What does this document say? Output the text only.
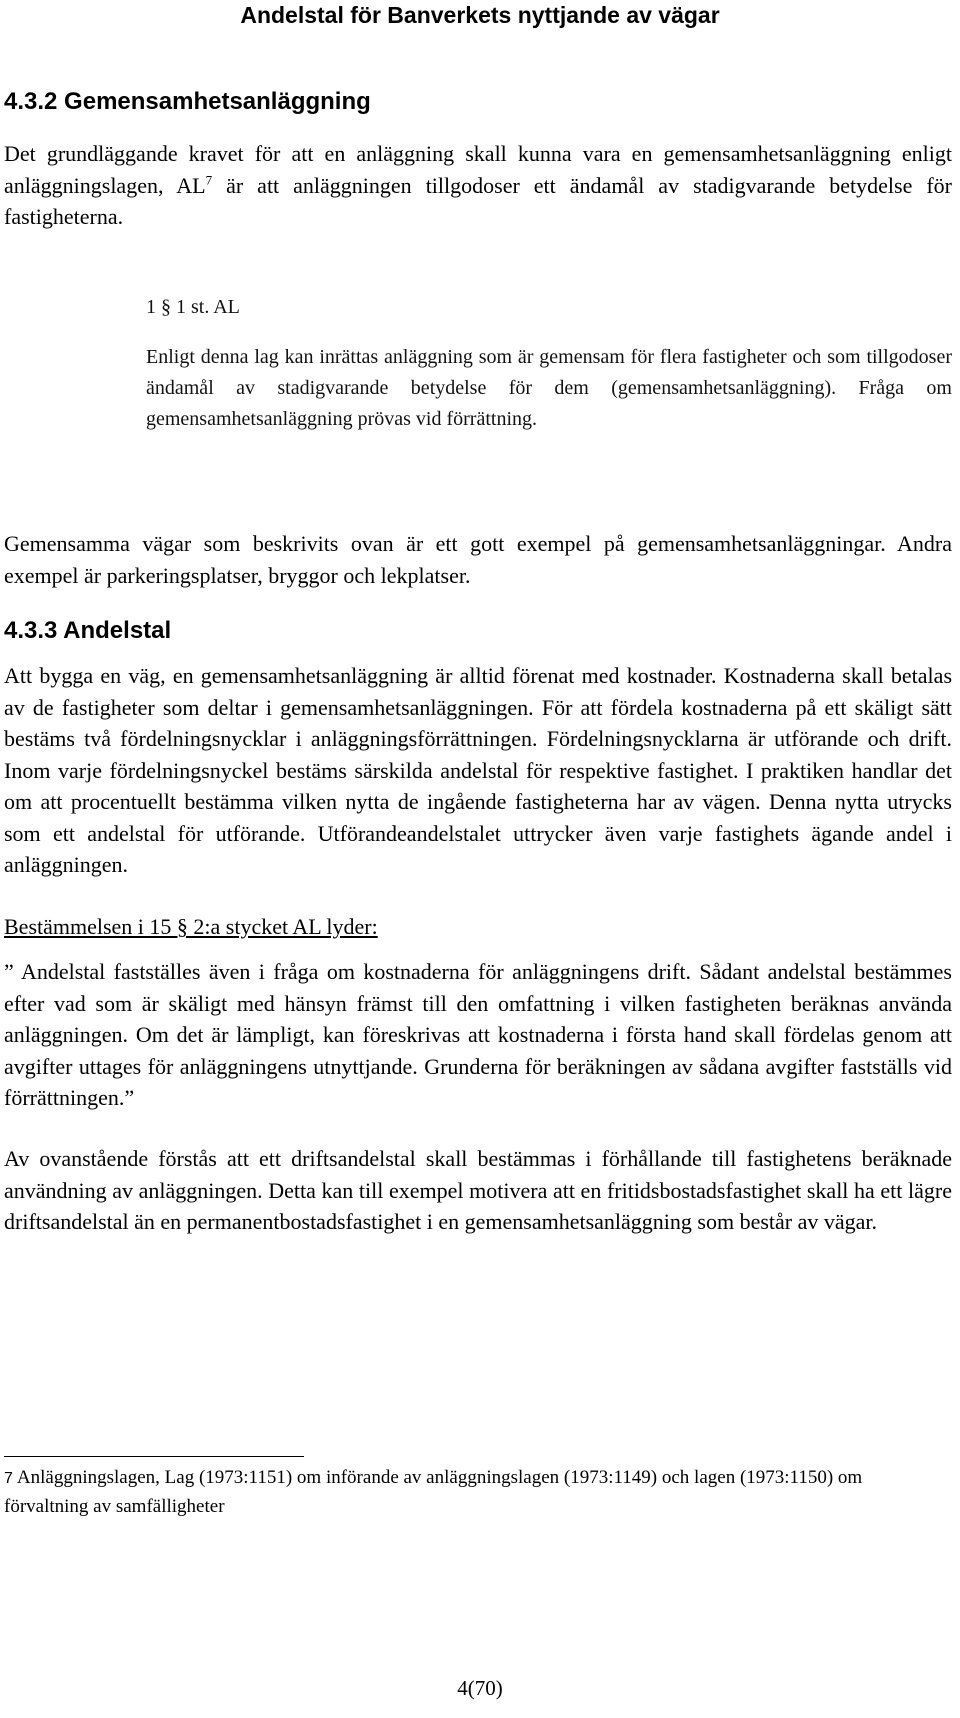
Andelstal för Banverkets nyttjande av vägar
4.3.2 Gemensamhetsanläggning

Det grundläggande kravet för att en anläggning skall kunna vara en gemensamhetsanläggning enligt anläggningslagen, $AL^7$ är att anläggningen tillgodoser ett ändamål av stadigvarande betydelse för fastigheterna.

1 § 1 st. AL

Enligt denna lag kan inrättas anläggning som är gemensam för flera fastigheter och som tillgodoser ändamål av stadigvarande betydelse för dem (gemensamhetsanläggning). Fråga om gemensamhetsanläggning prövas vid förrättning.

Gemensamma vägar som beskrivits ovan är ett gott exempel på gemensamhetsanläggningar. Andra exempel är parkeringsplatser, bryggor och lekplatser.

4.3.3 Andelstal

Att bygga en väg, en gemensamhetsanläggning är alltid förenat med kostnader. Kostnaderna skall betalas av de fastigheter som deltar i gemensamhetsanläggningen. För att fördela kostnaderna på ett skäligt sätt bestäms två fördelningsnycklar i anläggningsförrättningen. Fördelningsnycklarna är utförande och drift. Inom varje fördelningsnyckel bestäms särskilda andelstal för respektive fastighet. I praktiken handlar det om att procentuellt bestämma vilken nytta de ingående fastigheterna har av vägen. Denna nytta utrycks som ett andelstal för utförande. Utförandeandelstalet uttrycker även varje fastighets ägande andel i anläggningen.

Bestämmelsen i 15 § 2:a stycket AL lyder:

” Andelstal fastställes även i fråga om kostnaderna för anläggningens drift. Sådant andelstal bestämmes efter vad som är skäligt med hänsyn främst till den omfattning i vilken fastigheten beräknas använda anläggningen. Om det är lämpligt, kan föreskrivas att kostnaderna i första hand skall fördelas genom att avgifter uttages för anläggningens utnyttjande. Grunderna för beräkningen av sådana avgifter fastställs vid förrättningen.”

Av ovanstående förstås att ett driftsandelstal skall bestämmas i förhållande till fastighetens beräknade användning av anläggningen. Detta kan till exempel motivera att en fritidsbostadsfastighet skall ha ett lägre driftsandelstal än en permanentbostadsfastighet i en gemensamhetsanläggning som består av vägar.

7 Anläggningslagen, Lag (1973:1151) om införande av anläggningslagen (1973:1149) och lagen (1973:1150) om förvaltning av samfälligheter

4(70)
